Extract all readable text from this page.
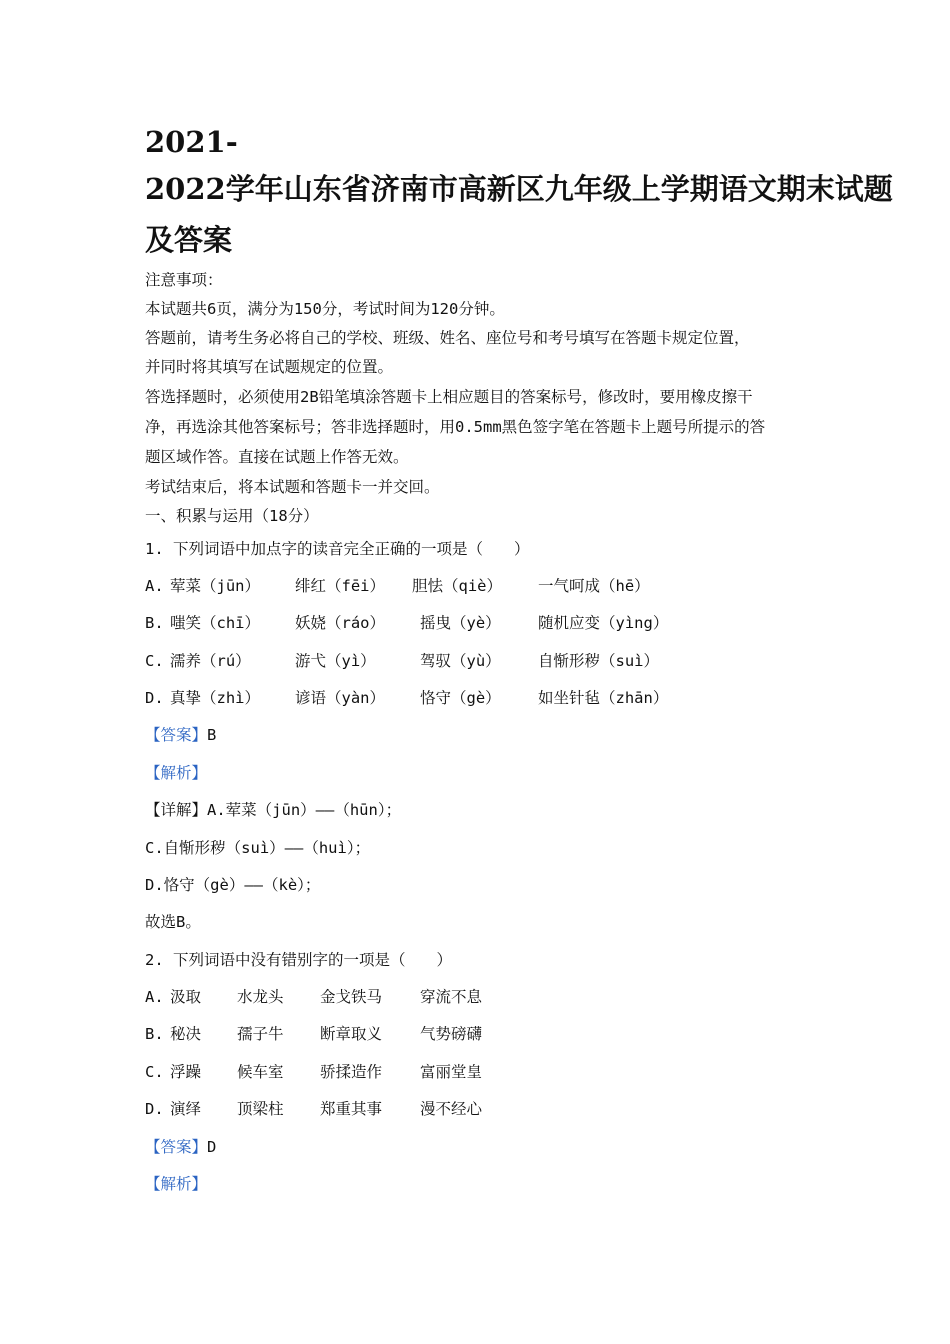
2021-
2022学年山东省济南市高新区九年级上学期语文期末试题
及答案
注意事项：
本试题共6页，满分为150分，考试时间为120分钟。
答题前，请考生务必将自己的学校、班级、姓名、座位号和考号填写在答题卡规定位置，
并同时将其填写在试题规定的位置。
答选择题时，必须使用2B铅笔填涂答题卡上相应题目的答案标号，修改时，要用橡皮擦干
净，再选涂其他答案标号；答非选择题时，用0.5mm黑色签字笔在答题卡上题号所提示的答
题区域作答。直接在试题上作答无效。
考试结束后，将本试题和答题卡一并交回。
一、积累与运用（18分）
1. 下列词语中加点字的读音完全正确的一项是（　　）
A. 荤菜（jūn） 绯红（fēi） 胆怯（qiè） 一气呵成（hē）
B. 嗤笑（chī） 妖娆（ráo） 摇曳（yè） 随机应变（yìng）
C. 濡养（rú）	游弋（yì）	驾驭（yù） 自惭形秽（suì）
D. 真挚（zhì） 谚语（yàn） 恪守（gè） 如坐针毡（zhān）
【答案】B
【解析】
【详解】A.荤菜（jūn）——（hūn）；
C.自惭形秽（suì）——（huì）；
D.恪守（gè）——（kè）；
故选B。
2. 下列词语中没有错别字的一项是（　　）
A. 汲取 水龙头 金戈铁马 穿流不息
B. 秘决 孺子牛 断章取义 气势磅礴
C. 浮躁 候车室 骄揉造作 富丽堂皇
D. 演绎 顶梁柱 郑重其事 漫不经心
【答案】D
【解析】
